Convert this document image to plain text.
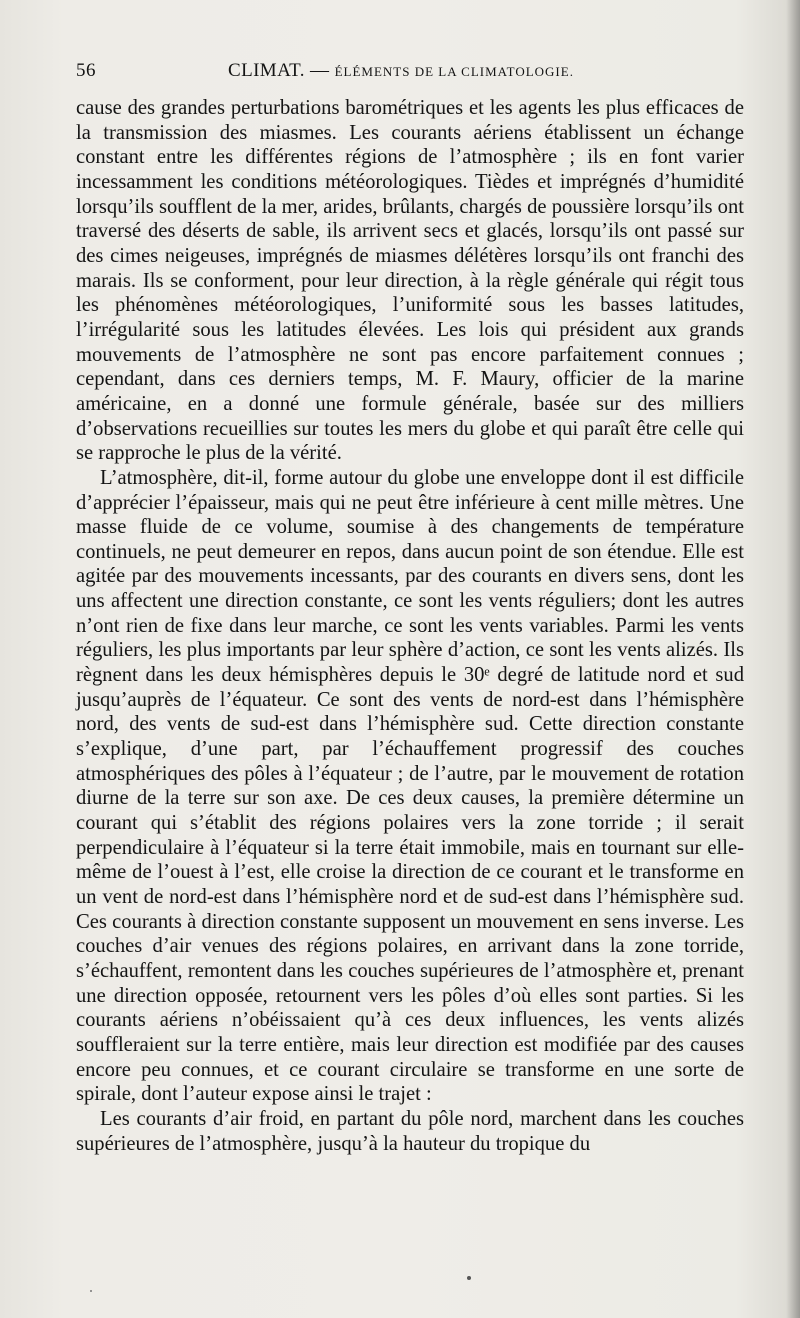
56	CLIMAT. — ÉLÉMENTS DE LA CLIMATOLOGIE.

cause des grandes perturbations barométriques et les agents les plus efficaces de la transmission des miasmes. Les courants aériens établissent un échange constant entre les différentes régions de l’atmosphère ; ils en font varier incessamment les conditions météorologiques. Tièdes et imprégnés d’humidité lorsqu’ils soufflent de la mer, arides, brûlants, chargés de poussière lorsqu’ils ont traversé des déserts de sable, ils arrivent secs et glacés, lorsqu’ils ont passé sur des cimes neigeuses, imprégnés de miasmes délétères lorsqu’ils ont franchi des marais. Ils se conforment, pour leur direction, à la règle générale qui régit tous les phénomènes météorologiques, l’uniformité sous les basses latitudes, l’irrégularité sous les latitudes élevées. Les lois qui président aux grands mouvements de l’atmosphère ne sont pas encore parfaitement connues ; cependant, dans ces derniers temps, M. F. Maury, officier de la marine américaine, en a donné une formule générale, basée sur des milliers d’observations recueillies sur toutes les mers du globe et qui paraît être celle qui se rapproche le plus de la vérité.

L’atmosphère, dit-il, forme autour du globe une enveloppe dont il est difficile d’apprécier l’épaisseur, mais qui ne peut être inférieure à cent mille mètres. Une masse fluide de ce volume, soumise à des changements de température continuels, ne peut demeurer en repos, dans aucun point de son étendue. Elle est agitée par des mouvements incessants, par des courants en divers sens, dont les uns affectent une direction constante, ce sont les vents réguliers; dont les autres n’ont rien de fixe dans leur marche, ce sont les vents variables. Parmi les vents réguliers, les plus importants par leur sphère d’action, ce sont les vents alizés. Ils règnent dans les deux hémisphères depuis le 30ᵉ degré de latitude nord et sud jusqu’auprès de l’équateur. Ce sont des vents de nord-est dans l’hémisphère nord, des vents de sud-est dans l’hémisphère sud. Cette direction constante s’explique, d’une part, par l’échauffement progressif des couches atmosphériques des pôles à l’équateur ; de l’autre, par le mouvement de rotation diurne de la terre sur son axe. De ces deux causes, la première détermine un courant qui s’établit des régions polaires vers la zone torride ; il serait perpendiculaire à l’équateur si la terre était immobile, mais en tournant sur elle-même de l’ouest à l’est, elle croise la direction de ce courant et le transforme en un vent de nord-est dans l’hémisphère nord et de sud-est dans l’hémisphère sud. Ces courants à direction constante supposent un mouvement en sens inverse. Les couches d’air venues des régions polaires, en arrivant dans la zone torride, s’échauffent, remontent dans les couches supérieures de l’atmosphère et, prenant une direction opposée, retournent vers les pôles d’où elles sont parties. Si les courants aériens n’obéissaient qu’à ces deux influences, les vents alizés souffleraient sur la terre entière, mais leur direction est modifiée par des causes encore peu connues, et ce courant circulaire se transforme en une sorte de spirale, dont l’auteur expose ainsi le trajet :

Les courants d’air froid, en partant du pôle nord, marchent dans les couches supérieures de l’atmosphère, jusqu’à la hauteur du tropique du
